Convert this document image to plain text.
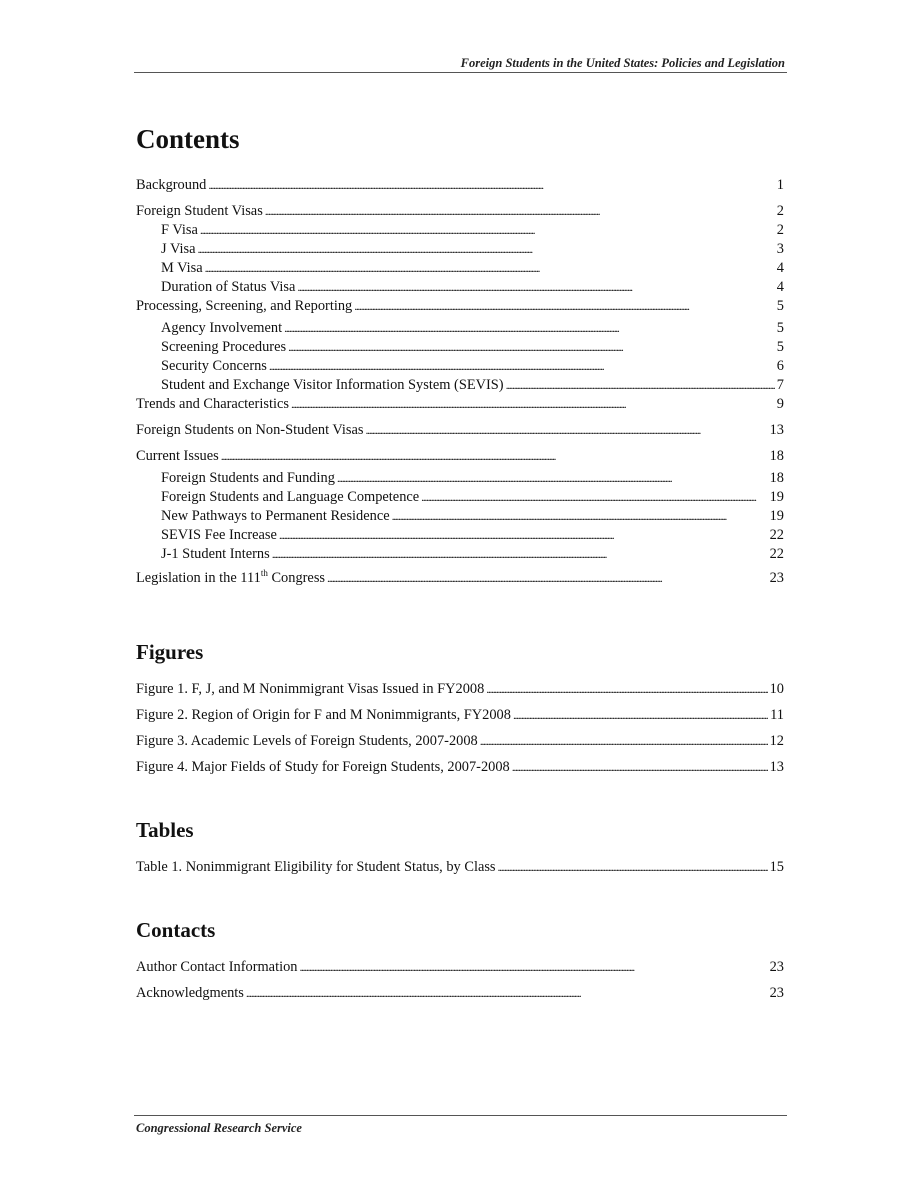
Foreign Students in the United States: Policies and Legislation
Contents
Background . . .	1
Foreign Student Visas . . .	2
F Visa . . .	2
J Visa . . .	3
M Visa . . .	4
Duration of Status Visa . . .	4
Processing, Screening, and Reporting . . .	5
Agency Involvement . . .	5
Screening Procedures . . .	5
Security Concerns . . .	6
Student and Exchange Visitor Information System (SEVIS) . . .	7
Trends and Characteristics . . .	9
Foreign Students on Non-Student Visas . . .	13
Current Issues . . .	18
Foreign Students and Funding . . .	18
Foreign Students and Language Competence . . .	19
New Pathways to Permanent Residence . . .	19
SEVIS Fee Increase . . .	22
J-1 Student Interns . . .	22
Legislation in the 111th Congress . . .	23
Figures
Figure 1. F, J, and M Nonimmigrant Visas Issued in FY2008 . . .	10
Figure 2. Region of Origin for F and M Nonimmigrants, FY2008 . . .	11
Figure 3. Academic Levels of Foreign Students, 2007-2008 . . .	12
Figure 4. Major Fields of Study for Foreign Students, 2007-2008 . . .	13
Tables
Table 1. Nonimmigrant Eligibility for Student Status, by Class . . .	15
Contacts
Author Contact Information . . .	23
Acknowledgments . . .	23
Congressional Research Service
